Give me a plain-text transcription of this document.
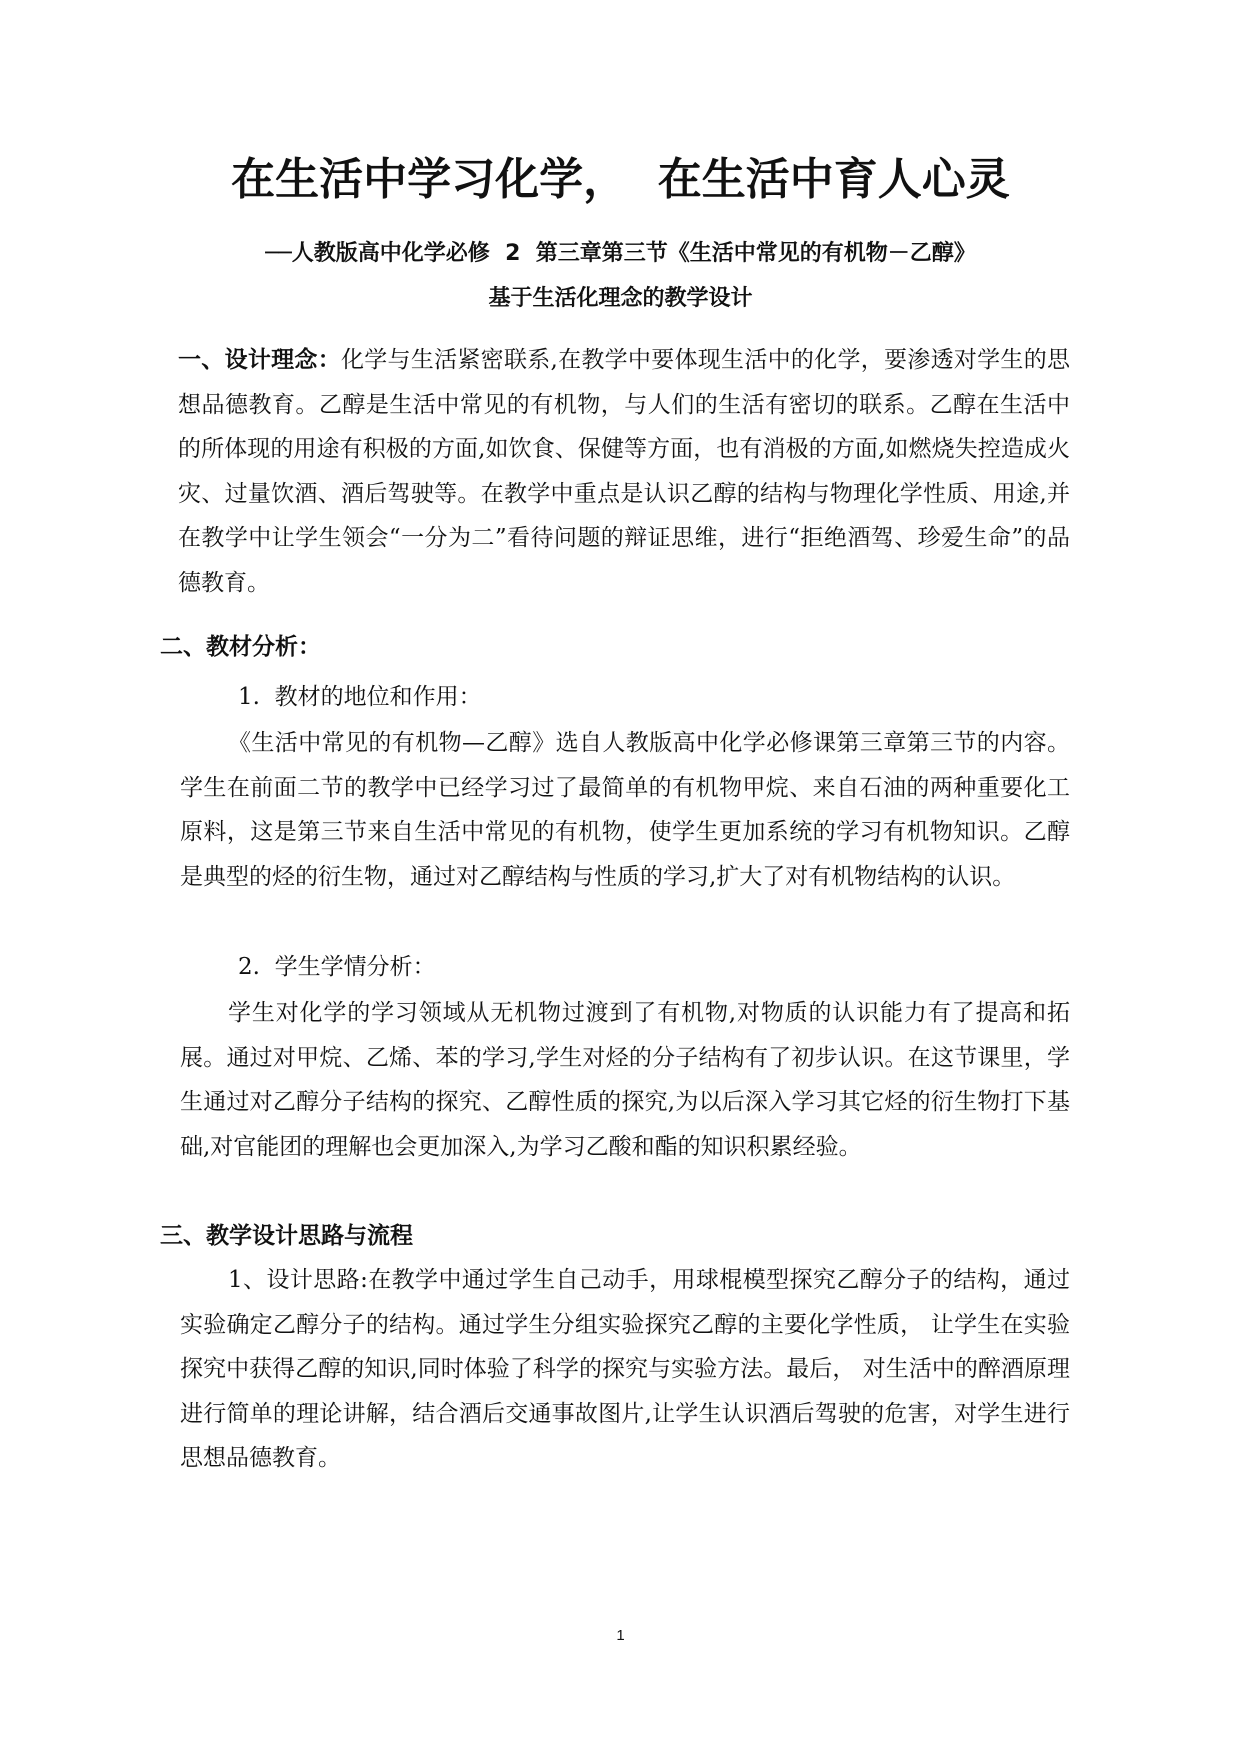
在生活中学习化学，  在生活中育人心灵
──人教版高中化学必修  2  第三章第三节《生活中常见的有机物－乙醇》
基于生活化理念的教学设计

一、设计理念：化学与生活紧密联系,在教学中要体现生活中的化学，要渗透对学生的思想品德教育。乙醇是生活中常见的有机物，与人们的生活有密切的联系。乙醇在生活中的所体现的用途有积极的方面,如饮食、保健等方面，也有消极的方面,如燃烧失控造成火灾、过量饮酒、酒后驾驶等。在教学中重点是认识乙醇的结构与物理化学性质、用途,并在教学中让学生领会“一分为二”看待问题的辩证思维，进行“拒绝酒驾、珍爱生命”的品德教育。

二、教材分析：
1.  教材的地位和作用：

《生活中常见的有机物—乙醇》选自人教版高中化学必修课第三章第三节的内容。学生在前面二节的教学中已经学习过了最简单的有机物甲烷、来自石油的两种重要化工原料，这是第三节来自生活中常见的有机物，使学生更加系统的学习有机物知识。乙醇是典型的烃的衍生物，通过对乙醇结构与性质的学习,扩大了对有机物结构的认识。

2.  学生学情分析：

学生对化学的学习领域从无机物过渡到了有机物,对物质的认识能力有了提高和拓展。通过对甲烷、乙烯、苯的学习,学生对烃的分子结构有了初步认识。在这节课里，学生通过对乙醇分子结构的探究、乙醇性质的探究,为以后深入学习其它烃的衍生物打下基础,对官能团的理解也会更加深入,为学习乙酸和酯的知识积累经验。

三、教学设计思路与流程

1、设计思路:在教学中通过学生自己动手，用球棍模型探究乙醇分子的结构，通过实验确定乙醇分子的结构。通过学生分组实验探究乙醇的主要化学性质， 让学生在实验探究中获得乙醇的知识,同时体验了科学的探究与实验方法。最后， 对生活中的醉酒原理进行简单的理论讲解，结合酒后交通事故图片,让学生认识酒后驾驶的危害，对学生进行思想品德教育。

1
